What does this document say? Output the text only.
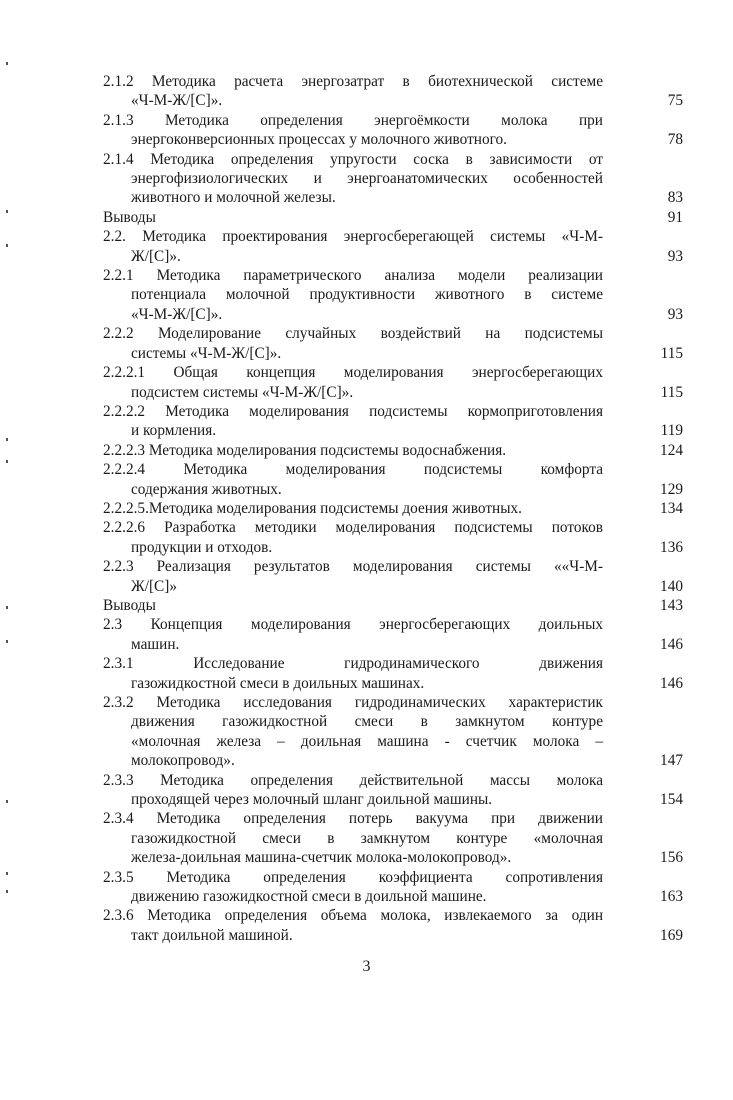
2.1.2 Методика расчета энергозатрат в биотехнической системе
«Ч-М-Ж/[С]».	75
2.1.3 Методика определения энергоёмкости молока при
энергоконверсионных процессах у молочного животного.	78
2.1.4 Методика определения упругости соска в зависимости от
энергофизиологических и энергоанатомических особенностей
животного и молочной железы.	83
Выводы	91
2.2. Методика проектирования энергосберегающей системы «Ч-М-
Ж/[С]».	93
2.2.1 Методика параметрического анализа модели реализации
потенциала молочной продуктивности животного в системе
«Ч-М-Ж/[С]».	93
2.2.2 Моделирование случайных воздействий на подсистемы
системы «Ч-М-Ж/[С]».	115
2.2.2.1 Общая концепция моделирования энергосберегающих
подсистем системы «Ч-М-Ж/[С]».	115
2.2.2.2 Методика моделирования подсистемы кормоприготовления
и кормления.	119
2.2.2.3 Методика моделирования подсистемы водоснабжения.	124
2.2.2.4 Методика моделирования подсистемы комфорта
содержания животных.	129
2.2.2.5.Методика моделирования подсистемы доения животных.	134
2.2.2.6 Разработка методики моделирования подсистемы потоков
продукции и отходов.	136
2.2.3 Реализация результатов моделирования системы ««Ч-М-
Ж/[С]»	140
Выводы	143
2.3 Концепция моделирования энергосберегающих доильных
машин.	146
2.3.1 Исследование гидродинамического движения
газожидкостной смеси в доильных машинах.	146
2.3.2 Методика исследования гидродинамических характеристик
движения газожидкостной смеси в замкнутом контуре
«молочная железа – доильная машина - счетчик молока –
молокопровод».	147
2.3.3 Методика определения действительной массы молока
проходящей через молочный шланг доильной машины.	154
2.3.4 Методика определения потерь вакуума при движении
газожидкостной смеси в замкнутом контуре «молочная
железа-доильная машина-счетчик молока-молокопровод».	156
2.3.5 Методика определения коэффициента сопротивления
движению газожидкостной смеси в доильной машине.	163
2.3.6 Методика определения объема молока, извлекаемого за один
такт доильной машиной.	169
3
